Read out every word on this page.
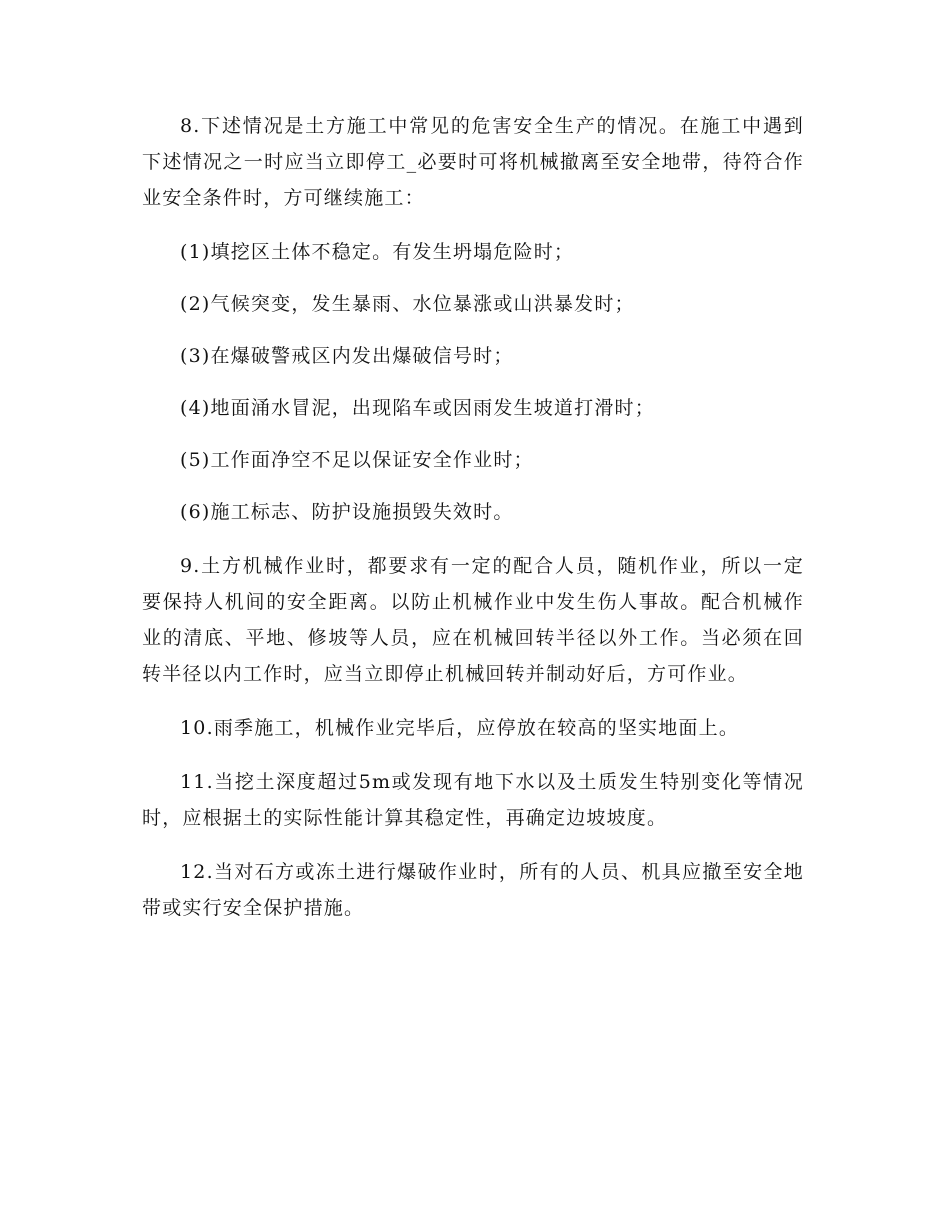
8.下述情况是土方施工中常见的危害安全生产的情况。在施工中遇到下述情况之一时应当立即停工_必要时可将机械撤离至安全地带，待符合作业安全条件时，方可继续施工：

(1)填挖区土体不稳定。有发生坍塌危险时；

(2)气候突变，发生暴雨、水位暴涨或山洪暴发时；

(3)在爆破警戒区内发出爆破信号时；

(4)地面涌水冒泥，出现陷车或因雨发生坡道打滑时；

(5)工作面净空不足以保证安全作业时；

(6)施工标志、防护设施损毁失效时。

9.土方机械作业时，都要求有一定的配合人员，随机作业，所以一定要保持人机间的安全距离。以防止机械作业中发生伤人事故。配合机械作业的清底、平地、修坡等人员，应在机械回转半径以外工作。当必须在回转半径以内工作时，应当立即停止机械回转并制动好后，方可作业。

10.雨季施工，机械作业完毕后，应停放在较高的坚实地面上。

11.当挖土深度超过5m或发现有地下水以及土质发生特别变化等情况时，应根据土的实际性能计算其稳定性，再确定边坡坡度。

12.当对石方或冻土进行爆破作业时，所有的人员、机具应撤至安全地带或实行安全保护措施。
